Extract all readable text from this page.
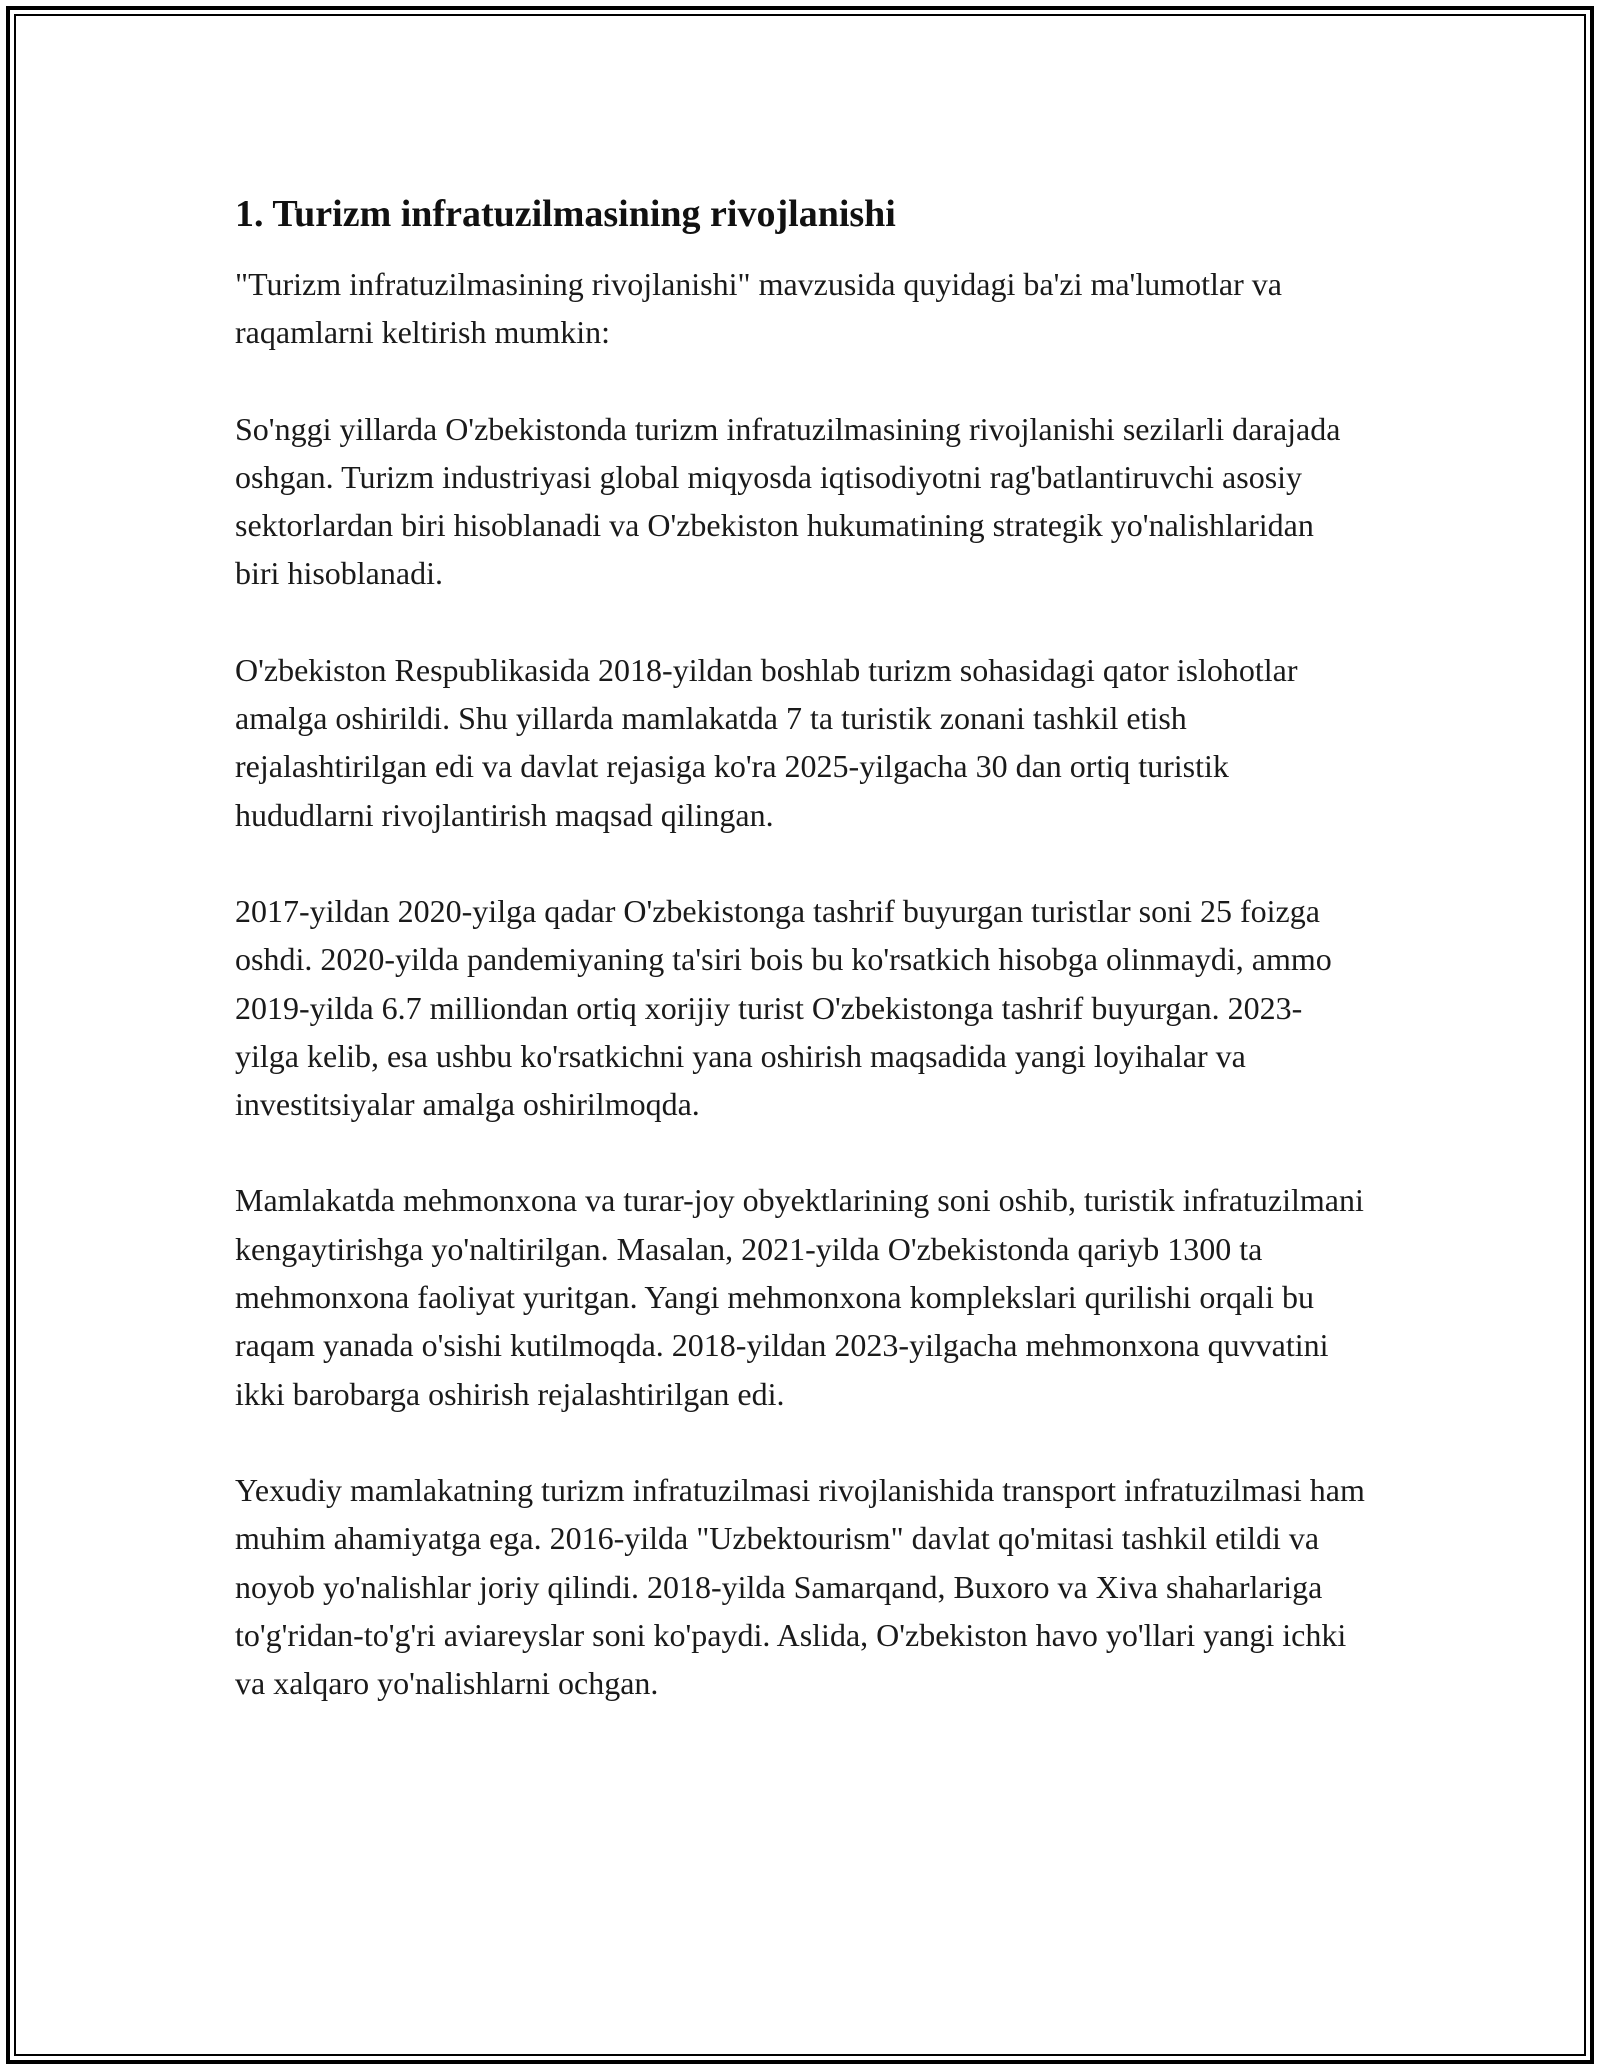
1. Turizm infratuzilmasining rivojlanishi

"Turizm infratuzilmasining rivojlanishi" mavzusida quyidagi ba'zi ma'lumotlar va raqamlarni keltirish mumkin:

So'nggi yillarda O'zbekistonda turizm infratuzilmasining rivojlanishi sezilarli darajada oshgan. Turizm industriyasi global miqyosda iqtisodiyotni rag'batlantiruvchi asosiy sektorlardan biri hisoblanadi va O'zbekiston hukumatining strategik yo'nalishlaridan biri hisoblanadi.

O'zbekiston Respublikasida 2018-yildan boshlab turizm sohasidagi qator islohotlar amalga oshirildi. Shu yillarda mamlakatda 7 ta turistik zonani tashkil etish rejalashtirilgan edi va davlat rejasiga ko'ra 2025-yilgacha 30 dan ortiq turistik hududlarni rivojlantirish maqsad qilingan.

2017-yildan 2020-yilga qadar O'zbekistonga tashrif buyurgan turistlar soni 25 foizga oshdi. 2020-yilda pandemiyaning ta'siri bois bu ko'rsatkich hisobga olinmaydi, ammo 2019-yilda 6.7 milliondan ortiq xorijiy turist O'zbekistonga tashrif buyurgan. 2023-yilga kelib, esa ushbu ko'rsatkichni yana oshirish maqsadida yangi loyihalar va investitsiyalar amalga oshirilmoqda.

Mamlakatda mehmonxona va turar-joy obyektlarining soni oshib, turistik infratuzilmani kengaytirishga yo'naltirilgan. Masalan, 2021-yilda O'zbekistonda qariyb 1300 ta mehmonxona faoliyat yuritgan. Yangi mehmonxona komplekslari qurilishi orqali bu raqam yanada o'sishi kutilmoqda. 2018-yildan 2023-yilgacha mehmonxona quvvatini ikki barobarga oshirish rejalashtirilgan edi.

Yexudiy mamlakatning turizm infratuzilmasi rivojlanishida transport infratuzilmasi ham muhim ahamiyatga ega. 2016-yilda "Uzbektourism" davlat qo'mitasi tashkil etildi va noyob yo'nalishlar joriy qilindi. 2018-yilda Samarqand, Buxoro va Xiva shaharlariga to'g'ridan-to'g'ri aviareyslar soni ko'paydi. Aslida, O'zbekiston havo yo'llari yangi ichki va xalqaro yo'nalishlarni ochgan.
